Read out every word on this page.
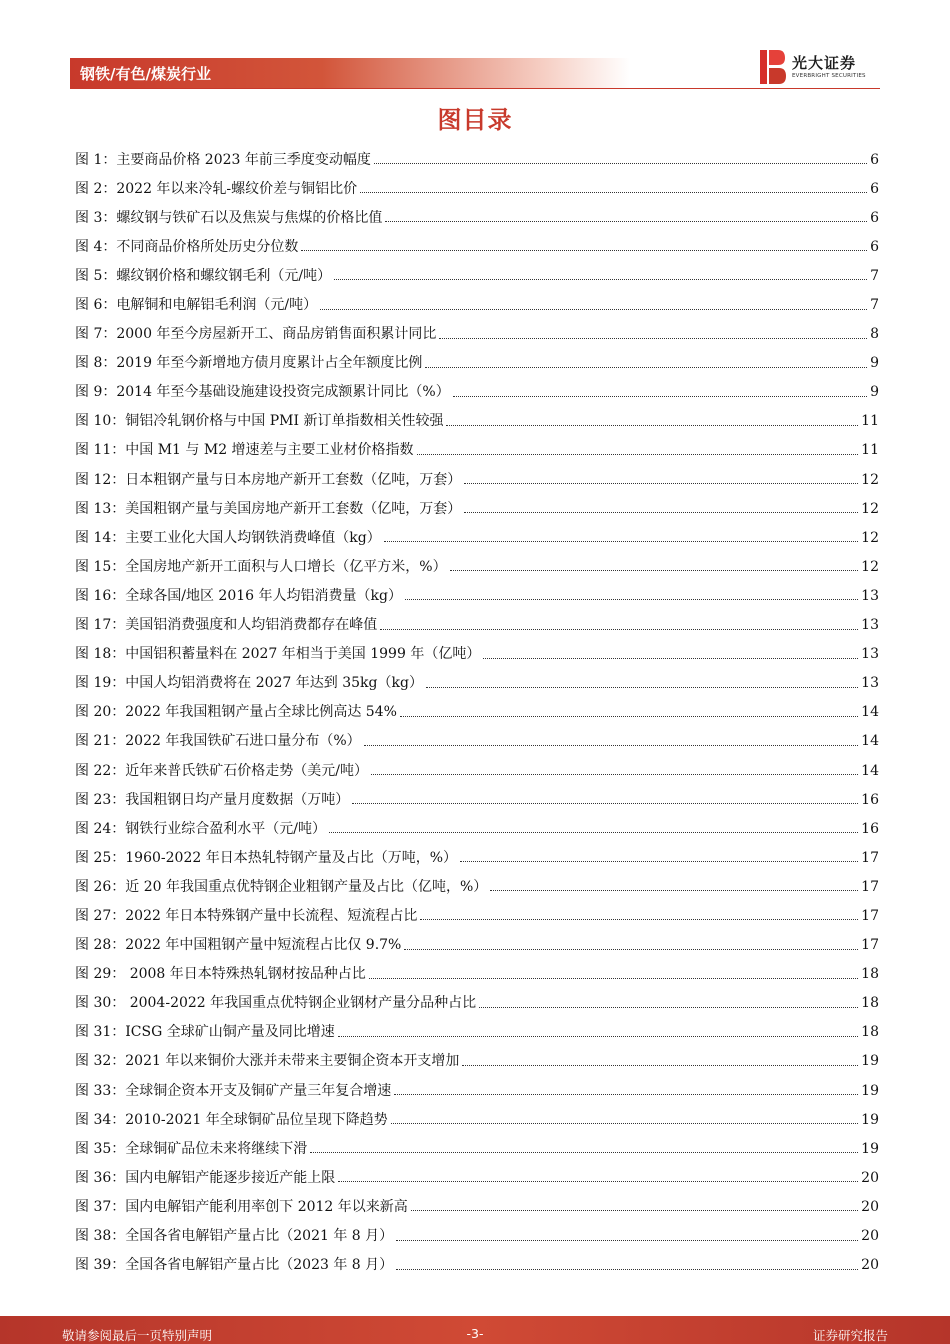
钢铁/有色/煤炭行业
光大证券
EVERBRIGHT SECURITIES
图目录
图 1：主要商品价格 2023 年前三季度变动幅度	6
图 2：2022 年以来冷轧-螺纹价差与铜铝比价	6
图 3：螺纹钢与铁矿石以及焦炭与焦煤的价格比值	6
图 4：不同商品价格所处历史分位数	6
图 5：螺纹钢价格和螺纹钢毛利（元/吨）	7
图 6：电解铜和电解铝毛利润（元/吨）	7
图 7：2000 年至今房屋新开工、商品房销售面积累计同比	8
图 8：2019 年至今新增地方债月度累计占全年额度比例	9
图 9：2014 年至今基础设施建设投资完成额累计同比（%）	9
图 10：铜铝冷轧钢价格与中国 PMI 新订单指数相关性较强	11
图 11：中国 M1 与 M2 增速差与主要工业材价格指数	11
图 12：日本粗钢产量与日本房地产新开工套数（亿吨，万套）	12
图 13：美国粗钢产量与美国房地产新开工套数（亿吨，万套）	12
图 14：主要工业化大国人均钢铁消费峰值（kg）	12
图 15：全国房地产新开工面积与人口增长（亿平方米，%）	12
图 16：全球各国/地区 2016 年人均铝消费量（kg）	13
图 17：美国铝消费强度和人均铝消费都存在峰值	13
图 18：中国铝积蓄量料在 2027 年相当于美国 1999 年（亿吨）	13
图 19：中国人均铝消费将在 2027 年达到 35kg（kg）	13
图 20：2022 年我国粗钢产量占全球比例高达 54%	14
图 21：2022 年我国铁矿石进口量分布（%）	14
图 22：近年来普氏铁矿石价格走势（美元/吨）	14
图 23：我国粗钢日均产量月度数据（万吨）	16
图 24：钢铁行业综合盈利水平（元/吨）	16
图 25：1960-2022 年日本热轧特钢产量及占比（万吨，%）	17
图 26：近 20 年我国重点优特钢企业粗钢产量及占比（亿吨，%）	17
图 27：2022 年日本特殊钢产量中长流程、短流程占比	17
图 28：2022 年中国粗钢产量中短流程占比仅 9.7%	17
图 29： 2008 年日本特殊热轧钢材按品种占比	18
图 30： 2004-2022 年我国重点优特钢企业钢材产量分品种占比	18
图 31：ICSG 全球矿山铜产量及同比增速	18
图 32：2021 年以来铜价大涨并未带来主要铜企资本开支增加	19
图 33：全球铜企资本开支及铜矿产量三年复合增速	19
图 34：2010-2021 年全球铜矿品位呈现下降趋势	19
图 35：全球铜矿品位未来将继续下滑	19
图 36：国内电解铝产能逐步接近产能上限	20
图 37：国内电解铝产能利用率创下 2012 年以来新高	20
图 38：全国各省电解铝产量占比（2021 年 8 月）	20
图 39：全国各省电解铝产量占比（2023 年 8 月）	20
敬请参阅最后一页特别声明	-3-	证券研究报告
